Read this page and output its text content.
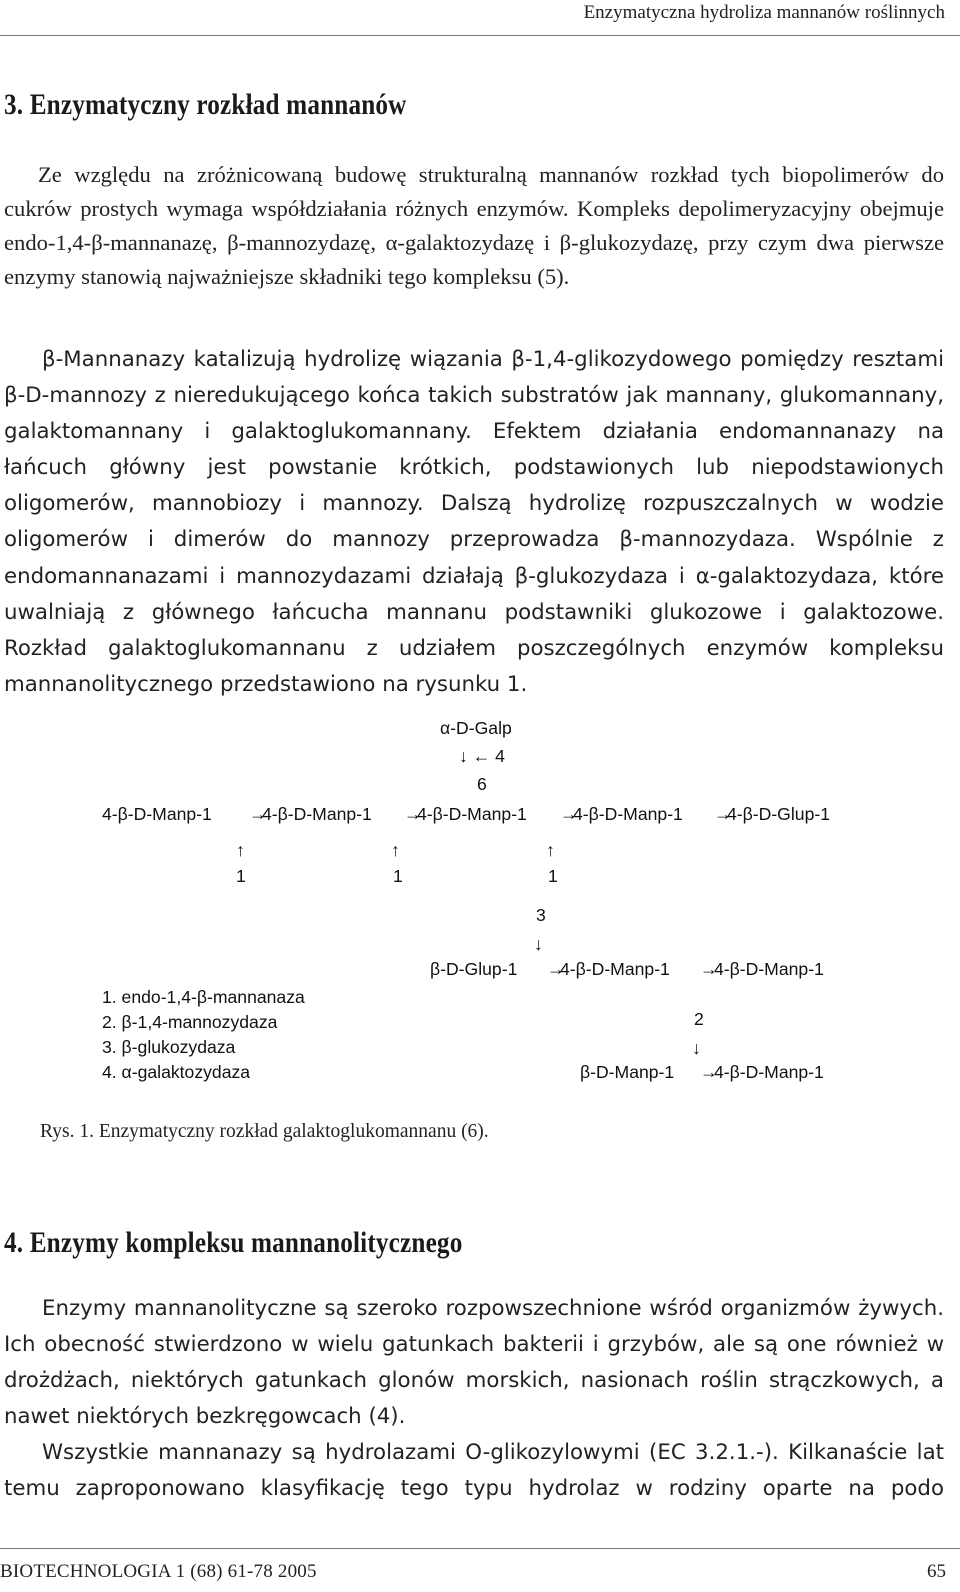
Enzymatyczna hydroliza mannanów roślinnych
3. Enzymatyczny rozkład mannanów

Ze względu na zróżnicowaną budowę strukturalną mannanów rozkład tych biopolimerów do cukrów prostych wymaga współdziałania różnych enzymów. Kompleks depolimeryzacyjny obejmuje endo-1,4-β-mannanazę, β-mannozydazę, α-galaktozydazę i β-glukozydazę, przy czym dwa pierwsze enzymy stanowią najważniejsze składniki tego kompleksu (5).

β-Mannanazy katalizują hydrolizę wiązania β-1,4-glikozydowego pomiędzy resztami β-D-mannozy z nieredukującego końca takich substratów jak mannany, glukomannany, galaktomannany i galaktoglukomannany. Efektem działania endomannanazy na łańcuch główny jest powstanie krótkich, podstawionych lub niepodstawionych oligomerów, mannobiozy i mannozy. Dalszą hydrolizę rozpuszczalnych w wodzie oligomerów i dimerów do mannozy przeprowadza β-mannozydaza. Wspólnie z endomannanazami i mannozydazami działają β-glukozydaza i α-galaktozydaza, które uwalniają z głównego łańcucha mannanu podstawniki glukozowe i galaktozowe. Rozkład galaktoglukomannanu z udziałem poszczególnych enzymów kompleksu mannanolitycznego przedstawiono na rysunku 1.

α-D-Galp
↓ ← 4
6
4-β-D-Manp-1 →
4-β-D-Manp-1 →
4-β-D-Manp-1 →
4-β-D-Manp-1 →
4-β-D-Glup-1
↑	↑	↑
1	1	1
3
↓
β-D-Glup-1 →
4-β-D-Manp-1 →
4-β-D-Manp-1
1. endo-1,4-β-mannanaza
2. β-1,4-mannozydaza
3. β-glukozydaza
4. α-galaktozydaza
2
↓
β-D-Manp-1 →
4-β-D-Manp-1
Rys. 1. Enzymatyczny rozkład galaktoglukomannanu (6).
4. Enzymy kompleksu mannanolitycznego

Enzymy mannanolityczne są szeroko rozpowszechnione wśród organizmów żywych. Ich obecność stwierdzono w wielu gatunkach bakterii i grzybów, ale są one również w drożdżach, niektórych gatunkach glonów morskich, nasionach roślin strączkowych, a nawet niektórych bezkręgowcach (4).

Wszystkie mannanazy są hydrolazami O-glikozylowymi (EC 3.2.1.-). Kilkanaście lat temu zaproponowano klasyfikację tego typu hydrolaz w rodziny oparte na podo

BIOTECHNOLOGIA 1 (68) 61-78 2005	65
